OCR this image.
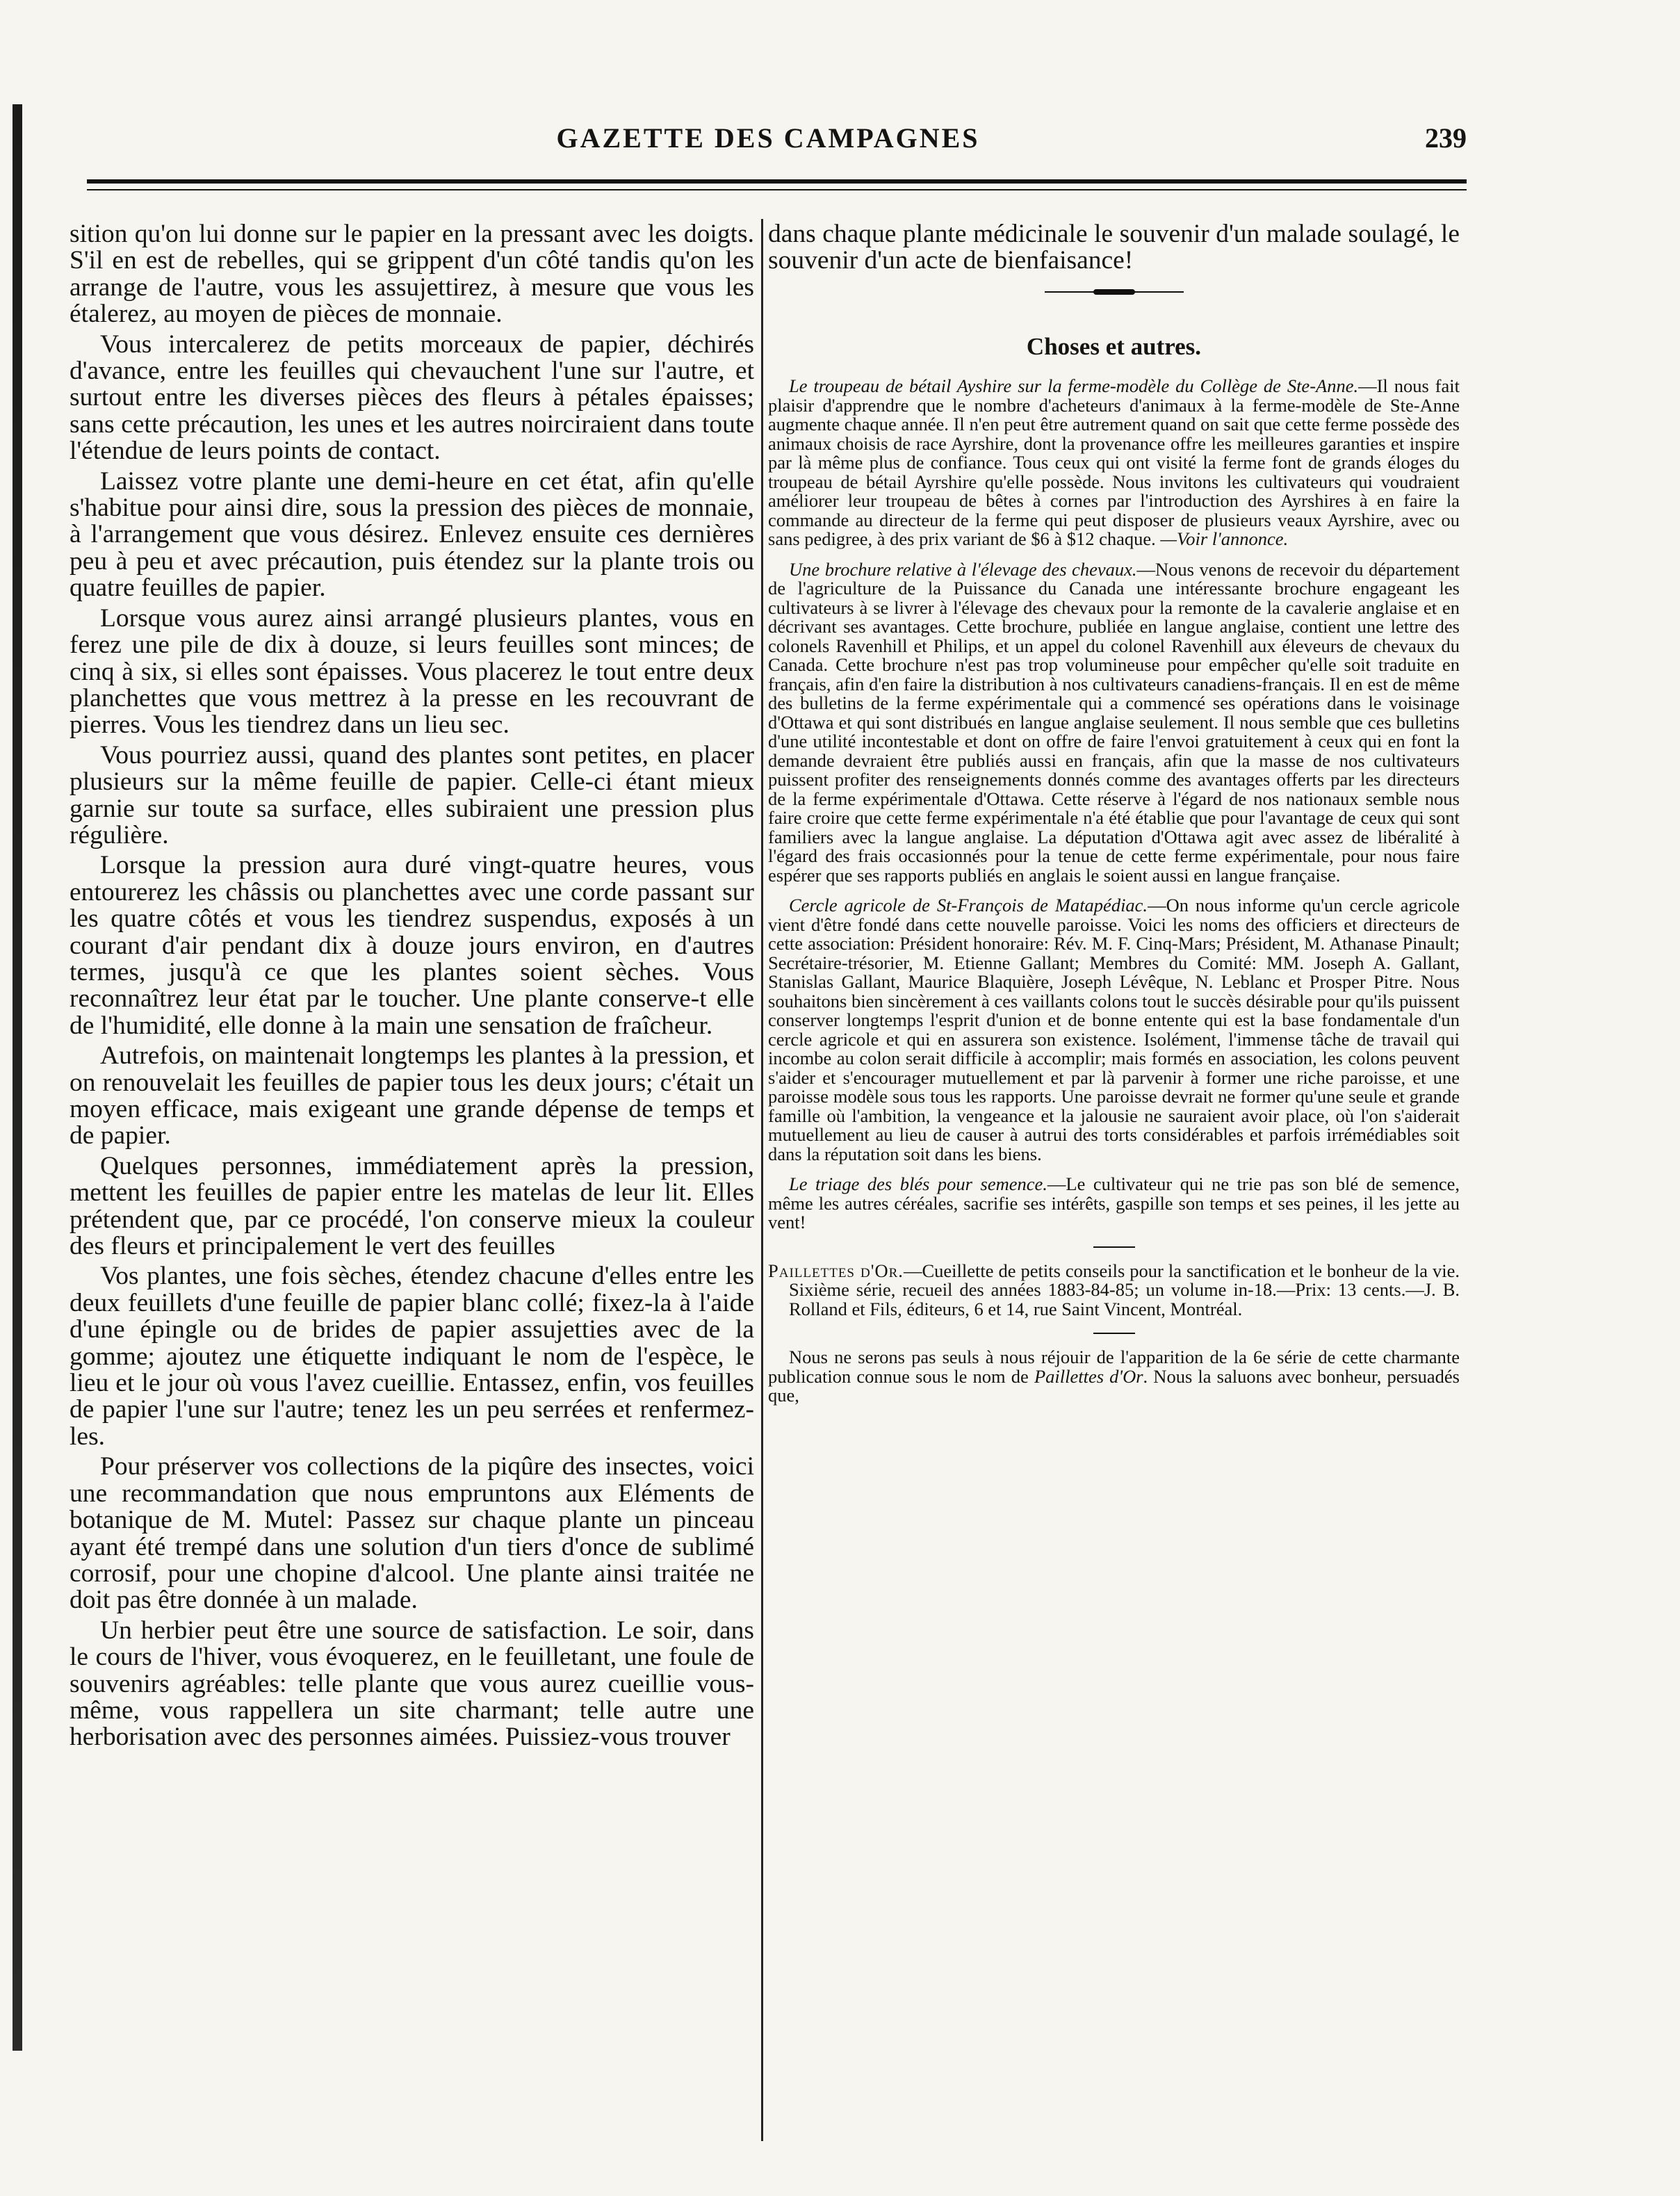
GAZETTE DES CAMPAGNES	239

sition qu'on lui donne sur le papier en la pressant avec les doigts. S'il en est de rebelles, qui se grippent d'un côté tandis qu'on les arrange de l'autre, vous les assujettirez, à mesure que vous les étalerez, au moyen de pièces de monnaie.

Vous intercalerez de petits morceaux de papier, déchirés d'avance, entre les feuilles qui chevauchent l'une sur l'autre, et surtout entre les diverses pièces des fleurs à pétales épaisses; sans cette précaution, les unes et les autres noirciraient dans toute l'étendue de leurs points de contact.

Laissez votre plante une demi-heure en cet état, afin qu'elle s'habitue pour ainsi dire, sous la pression des pièces de monnaie, à l'arrangement que vous désirez. Enlevez ensuite ces dernières peu à peu et avec précaution, puis étendez sur la plante trois ou quatre feuilles de papier.

Lorsque vous aurez ainsi arrangé plusieurs plantes, vous en ferez une pile de dix à douze, si leurs feuilles sont minces; de cinq à six, si elles sont épaisses. Vous placerez le tout entre deux planchettes que vous mettrez à la presse en les recouvrant de pierres. Vous les tiendrez dans un lieu sec.

Vous pourriez aussi, quand des plantes sont petites, en placer plusieurs sur la même feuille de papier. Celle-ci étant mieux garnie sur toute sa surface, elles subiraient une pression plus régulière.

Lorsque la pression aura duré vingt-quatre heures, vous entourerez les châssis ou planchettes avec une corde passant sur les quatre côtés et vous les tiendrez suspendus, exposés à un courant d'air pendant dix à douze jours environ, en d'autres termes, jusqu'à ce que les plantes soient sèches. Vous reconnaîtrez leur état par le toucher. Une plante conserve-t elle de l'humidité, elle donne à la main une sensation de fraîcheur.

Autrefois, on maintenait longtemps les plantes à la pression, et on renouvelait les feuilles de papier tous les deux jours; c'était un moyen efficace, mais exigeant une grande dépense de temps et de papier.

Quelques personnes, immédiatement après la pression, mettent les feuilles de papier entre les matelas de leur lit. Elles prétendent que, par ce procédé, l'on conserve mieux la couleur des fleurs et principalement le vert des feuilles

Vos plantes, une fois sèches, étendez chacune d'elles entre les deux feuillets d'une feuille de papier blanc collé; fixez-la à l'aide d'une épingle ou de brides de papier assujetties avec de la gomme; ajoutez une étiquette indiquant le nom de l'espèce, le lieu et le jour où vous l'avez cueillie. Entassez, enfin, vos feuilles de papier l'une sur l'autre; tenez les un peu serrées et renfermez-les.

Pour préserver vos collections de la piqûre des insectes, voici une recommandation que nous empruntons aux Eléments de botanique de M. Mutel: Passez sur chaque plante un pinceau ayant été trempé dans une solution d'un tiers d'once de sublimé corrosif, pour une chopine d'alcool. Une plante ainsi traitée ne doit pas être donnée à un malade.

Un herbier peut être une source de satisfaction. Le soir, dans le cours de l'hiver, vous évoquerez, en le feuilletant, une foule de souvenirs agréables: telle plante que vous aurez cueillie vous-même, vous rappellera un site charmant; telle autre une herborisation avec des personnes aimées. Puissiez-vous trouver

dans chaque plante médicinale le souvenir d'un malade soulagé, le souvenir d'un acte de bienfaisance!

Choses et autres.

Le troupeau de bétail Ayshire sur la ferme-modèle du Collège de Ste-Anne.—Il nous fait plaisir d'apprendre que le nombre d'acheteurs d'animaux à la ferme-modèle de Ste-Anne augmente chaque année. Il n'en peut être autrement quand on sait que cette ferme possède des animaux choisis de race Ayrshire, dont la provenance offre les meilleures garanties et inspire par là même plus de confiance. Tous ceux qui ont visité la ferme font de grands éloges du troupeau de bétail Ayrshire qu'elle possède. Nous invitons les cultivateurs qui voudraient améliorer leur troupeau de bêtes à cornes par l'introduction des Ayrshires à en faire la commande au directeur de la ferme qui peut disposer de plusieurs veaux Ayrshire, avec ou sans pedigree, à des prix variant de $6 à $12 chaque. —Voir l'annonce.

Une brochure relative à l'élevage des chevaux.—Nous venons de recevoir du département de l'agriculture de la Puissance du Canada une intéressante brochure engageant les cultivateurs à se livrer à l'élevage des chevaux pour la remonte de la cavalerie anglaise et en décrivant ses avantages. Cette brochure, publiée en langue anglaise, contient une lettre des colonels Ravenhill et Philips, et un appel du colonel Ravenhill aux éleveurs de chevaux du Canada. Cette brochure n'est pas trop volumineuse pour empêcher qu'elle soit traduite en français, afin d'en faire la distribution à nos cultivateurs canadiens-français. Il en est de même des bulletins de la ferme expérimentale qui a commencé ses opérations dans le voisinage d'Ottawa et qui sont distribués en langue anglaise seulement. Il nous semble que ces bulletins d'une utilité incontestable et dont on offre de faire l'envoi gratuitement à ceux qui en font la demande devraient être publiés aussi en français, afin que la masse de nos cultivateurs puissent profiter des renseignements donnés comme des avantages offerts par les directeurs de la ferme expérimentale d'Ottawa. Cette réserve à l'égard de nos nationaux semble nous faire croire que cette ferme expérimentale n'a été établie que pour l'avantage de ceux qui sont familiers avec la langue anglaise. La députation d'Ottawa agit avec assez de libéralité à l'égard des frais occasionnés pour la tenue de cette ferme expérimentale, pour nous faire espérer que ses rapports publiés en anglais le soient aussi en langue française.

Cercle agricole de St-François de Matapédiac.—On nous informe qu'un cercle agricole vient d'être fondé dans cette nouvelle paroisse. Voici les noms des officiers et directeurs de cette association: Président honoraire: Rév. M. F. Cinq-Mars; Président, M. Athanase Pinault; Secrétaire-trésorier, M. Etienne Gallant; Membres du Comité: MM. Joseph A. Gallant, Stanislas Gallant, Maurice Blaquière, Joseph Lévêque, N. Leblanc et Prosper Pitre. Nous souhaitons bien sincèrement à ces vaillants colons tout le succès désirable pour qu'ils puissent conserver longtemps l'esprit d'union et de bonne entente qui est la base fondamentale d'un cercle agricole et qui en assurera son existence. Isolément, l'immense tâche de travail qui incombe au colon serait difficile à accomplir; mais formés en association, les colons peuvent s'aider et s'encourager mutuellement et par là parvenir à former une riche paroisse, et une paroisse modèle sous tous les rapports. Une paroisse devrait ne former qu'une seule et grande famille où l'ambition, la vengeance et la jalousie ne sauraient avoir place, où l'on s'aiderait mutuellement au lieu de causer à autrui des torts considérables et parfois irrémédiables soit dans la réputation soit dans les biens.

Le triage des blés pour semence.—Le cultivateur qui ne trie pas son blé de semence, même les autres céréales, sacrifie ses intérêts, gaspille son temps et ses peines, il les jette au vent!

Paillettes d'Or.—Cueillette de petits conseils pour la sanctification et le bonheur de la vie. Sixième série, recueil des années 1883-84-85; un volume in-18.—Prix: 13 cents.—J. B. Rolland et Fils, éditeurs, 6 et 14, rue Saint Vincent, Montréal.

Nous ne serons pas seuls à nous réjouir de l'apparition de la 6e série de cette charmante publication connue sous le nom de Paillettes d'Or. Nous la saluons avec bonheur, persuadés que,
